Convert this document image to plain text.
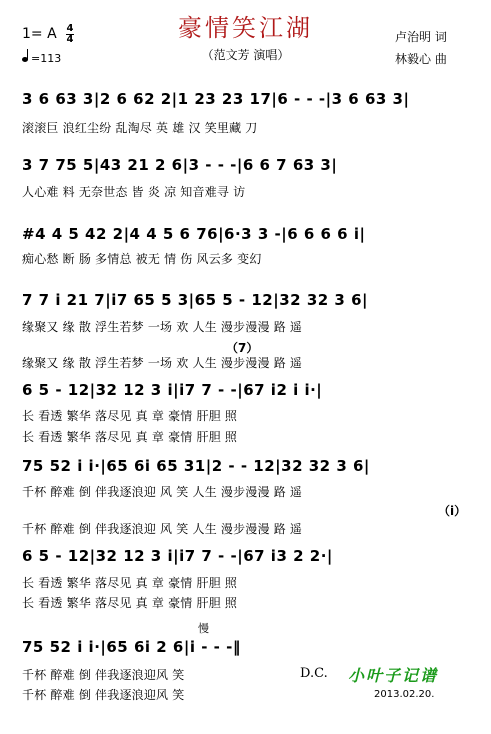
豪情笑江湖
（范文芳 演唱）
1= A 4
4
=113
卢治明 词
林毅心 曲
3 6 63 3|2 6 62 2|1 23 23 17|6 - - -|3 6 63 3|
滚滚巨 浪红尘纷 乱淘尽 英 雄 汉 笑里藏 刀
3 7 75 5|43 21 2 6|3 - - -|6 6 7 63 3|
人心难 料 无奈世态 皆 炎 凉 知音难寻 访
#4 4 5 42 2|4 4 5 6 76|6·3 3 -|6 6 6 6 i|
痴心愁 断 肠 多情总 被无 情 伤 风云多 变幻
7 7 i 21 7|i7 65 5 3|65 5 - 12|32 32 3 6|
缘聚又 缘 散 浮生若梦 一场 欢 人生 漫步漫漫 路 遥
（7）
缘聚又 缘 散 浮生若梦 一场 欢 人生 漫步漫漫 路 遥
6 5 - 12|32 12 3 i|i7 7 - -|67 i2 i i·|
长 看透 繁华 落尽见 真 章 豪情 肝胆 照
长 看透 繁华 落尽见 真 章 豪情 肝胆 照
75 52 i i·|65 6i 65 31|2 - - 12|32 32 3 6|
千杯 醉难 倒 伴我逐浪迎 风 笑 人生 漫步漫漫 路 遥
（i）
千杯 醉难 倒 伴我逐浪迎 风 笑 人生 漫步漫漫 路 遥
6 5 - 12|32 12 3 i|i7 7 - -|67 i3 2 2·|
长 看透 繁华 落尽见 真 章 豪情 肝胆 照
长 看透 繁华 落尽见 真 章 豪情 肝胆 照
慢
75 52 i i·|65 6i 2 6|i - - -‖
千杯 醉难 倒 伴我逐浪迎风 笑
千杯 醉难 倒 伴我逐浪迎风 笑
D.C. 小叶子记谱
2013.02.20.
